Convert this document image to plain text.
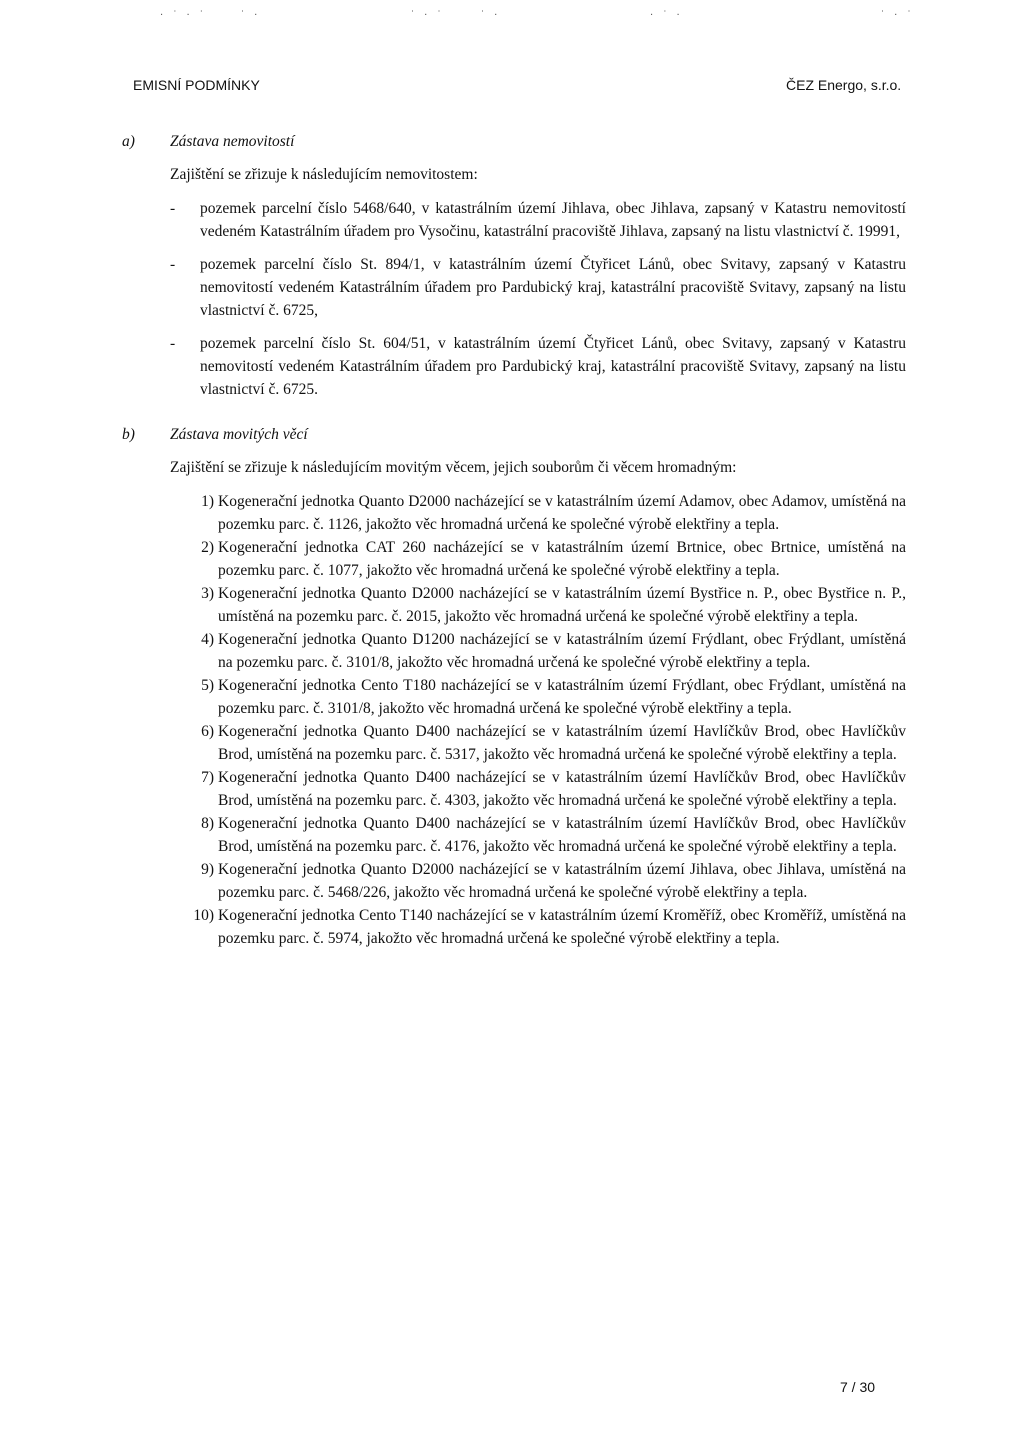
· ˙ · ˙	˙ ·	˙ · ˙	˙ ·	· ˙ ·	˙ · ˙
EMISNÍ PODMÍNKY	ČEZ Energo, s.r.o.
a) Zástava nemovitostí
Zajištění se zřizuje k následujícím nemovitostem:
- pozemek parcelní číslo 5468/640, v katastrálním území Jihlava, obec Jihlava, zapsaný v Katastru nemovitostí vedeném Katastrálním úřadem pro Vysočinu, katastrální pracoviště Jihlava, zapsaný na listu vlastnictví č. 19991,
- pozemek parcelní číslo St. 894/1, v katastrálním území Čtyřicet Lánů, obec Svitavy, zapsaný v Katastru nemovitostí vedeném Katastrálním úřadem pro Pardubický kraj, katastrální pracoviště Svitavy, zapsaný na listu vlastnictví č. 6725,
- pozemek parcelní číslo St. 604/51, v katastrálním území Čtyřicet Lánů, obec Svitavy, zapsaný v Katastru nemovitostí vedeném Katastrálním úřadem pro Pardubický kraj, katastrální pracoviště Svitavy, zapsaný na listu vlastnictví č. 6725.
b) Zástava movitých věcí
Zajištění se zřizuje k následujícím movitým věcem, jejich souborům či věcem hromadným:
1) Kogenerační jednotka Quanto D2000 nacházející se v katastrálním území Adamov, obec Adamov, umístěná na pozemku parc. č. 1126, jakožto věc hromadná určená ke společné výrobě elektřiny a tepla.
2) Kogenerační jednotka CAT 260 nacházející se v katastrálním území Brtnice, obec Brtnice, umístěná na pozemku parc. č. 1077, jakožto věc hromadná určená ke společné výrobě elektřiny a tepla.
3) Kogenerační jednotka Quanto D2000 nacházející se v katastrálním území Bystřice n. P., obec Bystřice n. P., umístěná na pozemku parc. č. 2015, jakožto věc hromadná určená ke společné výrobě elektřiny a tepla.
4) Kogenerační jednotka Quanto D1200 nacházející se v katastrálním území Frýdlant, obec Frýdlant, umístěná na pozemku parc. č. 3101/8, jakožto věc hromadná určená ke společné výrobě elektřiny a tepla.
5) Kogenerační jednotka Cento T180 nacházející se v katastrálním území Frýdlant, obec Frýdlant, umístěná na pozemku parc. č. 3101/8, jakožto věc hromadná určená ke společné výrobě elektřiny a tepla.
6) Kogenerační jednotka Quanto D400 nacházející se v katastrálním území Havlíčkův Brod, obec Havlíčkův Brod, umístěná na pozemku parc. č. 5317, jakožto věc hromadná určená ke společné výrobě elektřiny a tepla.
7) Kogenerační jednotka Quanto D400 nacházející se v katastrálním území Havlíčkův Brod, obec Havlíčkův Brod, umístěná na pozemku parc. č. 4303, jakožto věc hromadná určená ke společné výrobě elektřiny a tepla.
8) Kogenerační jednotka Quanto D400 nacházející se v katastrálním území Havlíčkův Brod, obec Havlíčkův Brod, umístěná na pozemku parc. č. 4176, jakožto věc hromadná určená ke společné výrobě elektřiny a tepla.
9) Kogenerační jednotka Quanto D2000 nacházející se v katastrálním území Jihlava, obec Jihlava, umístěná na pozemku parc. č. 5468/226, jakožto věc hromadná určená ke společné výrobě elektřiny a tepla.
10) Kogenerační jednotka Cento T140 nacházející se v katastrálním území Kroměříž, obec Kroměříž, umístěná na pozemku parc. č. 5974, jakožto věc hromadná určená ke společné výrobě elektřiny a tepla.
7 / 30
